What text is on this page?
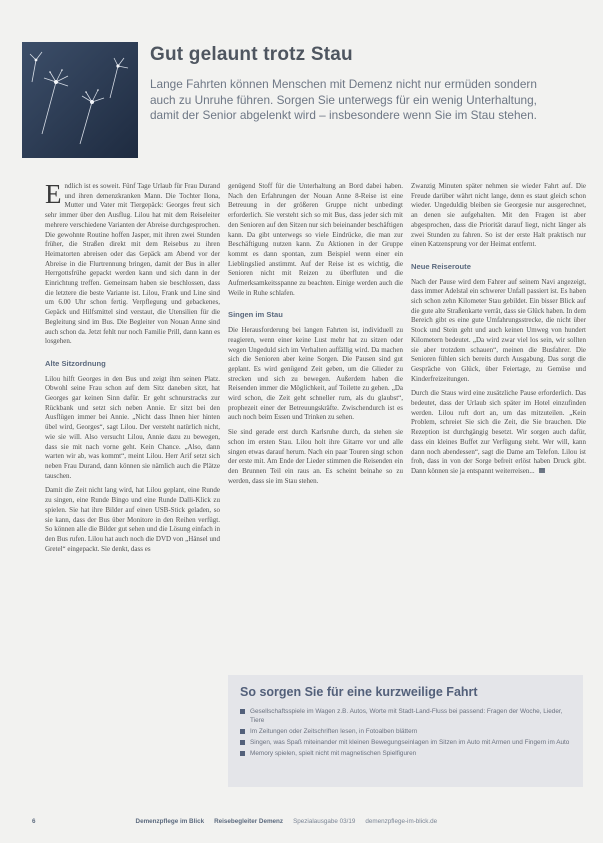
Gut gelaunt trotz Stau

Lange Fahrten können Menschen mit Demenz nicht nur ermüden sondern auch zu Unruhe führen. Sorgen Sie unterwegs für ein wenig Unterhaltung, damit der Senior abgelenkt wird – insbesondere wenn Sie im Stau stehen.

Endlich ist es soweit. Fünf Tage Urlaub für Frau Durand und ihren demenzkranken Mann. Die Tochter Ilona, Mutter und Vater mit Tiergepäck: Georges freut sich sehr immer über den Ausflug. Lilou hat mit dem Reiseleiter mehrere verschiedene Varianten der Abreise durchgesprochen. Die gewohnte Routine hoffen Jasper, mit ihren zwei Stunden früher, die Straßen direkt mit dem Reisebus zu ihren Heimatorten abreisen oder das Gepäck am Abend vor der Abreise in die Flurtrennung bringen, damit der Bus in aller Herrgottsfrühe gepackt werden kann und sich dann in der Einrichtung treffen. Gemeinsam haben sie beschlossen, dass die letztere die beste Variante ist. Lilou, Frank und Line sind um 6.00 Uhr schon fertig. Verpflegung und gebackenes, Gepäck und Hilfsmittel sind verstaut, die Utensilien für die Begleitung sind im Bus. Die Begleiter von Nouan Anne sind auch schon da. Jetzt fehlt nur noch Familie Prill, dann kann es losgehen.

Alte Sitzordnung

Lilou hilft Georges in den Bus und zeigt ihm seinen Platz. Obwohl seine Frau schon auf dem Sitz daneben sitzt, hat Georges gar keinen Sinn dafür. Er geht schnurstracks zur Rückbank und setzt sich neben Annie. Er sitzt bei den Ausflügen immer bei Annie. „Nicht dass Ihnen hier hinten übel wird, Georges“, sagt Lilou. Der versteht natürlich nicht, wie sie will. Also versucht Lilou, Annie dazu zu bewegen, dass sie mit nach vorne geht. Kein Chance. „Also, dann warten wir ab, was kommt“, meint Lilou. Herr Arif setzt sich neben Frau Durand, dann können sie nämlich auch die Plätze tauschen.

Damit die Zeit nicht lang wird, hat Lilou geplant, eine Runde zu singen, eine Runde Bingo und eine Runde Dalli-Klick zu spielen. Sie hat ihre Bilder auf einen USB-Stick geladen, so sie kann, dass der Bus über Monitore in den Reihen verfügt. So können alle die Bilder gut sehen und die Lösung einfach in den Bus rufen. Lilou hat auch noch die DVD von „Hänsel und Gretel“ eingepackt. Sie denkt, dass es

genügend Stoff für die Unterhaltung an Bord dabei haben. Nach den Erfahrungen der Nouan Anne 8-Reise ist eine Betreuung in der größeren Gruppe nicht unbedingt erforderlich. Sie versteht sich so mit Bus, dass jeder sich mit den Senioren auf den Sitzen nur sich beieinander beschäftigen kann. Da gibt unterwegs so viele Eindrücke, die man zur Beschäftigung nutzen kann. Zu Aktionen in der Gruppe kommt es dann spontan, zum Beispiel wenn einer ein Lieblingslied anstimmt. Auf der Reise ist es wichtig, die Senioren nicht mit Reizen zu überfluten und die Aufmerksamkeitsspanne zu beachten. Einige werden auch die Weile in Ruhe schlafen.

Singen im Stau

Die Herausforderung bei langen Fahrten ist, individuell zu reagieren, wenn einer keine Lust mehr hat zu sitzen oder wegen Ungeduld sich im Verhalten auffällig wird. Da machen sich die Senioren aber keine Sorgen. Die Pausen sind gut geplant. Es wird genügend Zeit geben, um die Glieder zu strecken und sich zu bewegen. Außerdem haben die Reisenden immer die Möglichkeit, auf Toilette zu gehen. „Da wird schon, die Zeit geht schneller rum, als du glaubst“, prophezeit einer der Betreuungskräfte. Zwischendurch ist es auch noch beim Essen und Trinken zu sehen.

Sie sind gerade erst durch Karlsruhe durch, da stehen sie schon im ersten Stau. Lilou holt ihre Gitarre vor und alle singen etwas darauf herum. Nach ein paar Touren singt schon der erste mit. Am Ende der Lieder stimmen die Reisenden ein den Brunnen Teil ein raus an. Es scheint beinahe so zu werden, dass sie im Stau stehen.

Zwanzig Minuten später nehmen sie wieder Fahrt auf. Die Freude darüber währt nicht lange, denn es staut gleich schon wieder. Ungeduldig bleiben sie Georgesie nur ausgerechnet, an denen sie aufgehalten. Mit den Fragen ist aber abgesprochen, dass die Priorität darauf liegt, nicht länger als zwei Stunden zu fahren. So ist der erste Halt praktisch nur einen Katzensprung vor der Heimat entfernt.

Neue Reiseroute

Nach der Pause wird dem Fahrer auf seinem Navi angezeigt, dass immer Adelstal ein schwerer Unfall passiert ist. Es haben sich schon zehn Kilometer Stau gebildet. Ein bisser Blick auf die gute alte Straßenkarte verrät, dass sie Glück haben. In dem Bereich gibt es eine gute Umfahrungsstrecke, die nicht über Stock und Stein geht und auch keinen Umweg von hundert Kilometern bedeutet. „Da wird zwar viel los sein, wir sollten sie aber trotzdem schauen“, meinen die Busfahrer. Die Senioren fühlen sich bereits durch Ausgabung. Das sorgt die Gespräche von Glück, über Feiertage, zu Gemüse und Kinderfreizeitungen.

Durch die Staus wird eine zusätzliche Pause erforderlich. Das bedeutet, dass der Urlaub sich später im Hotel einzufinden werden. Lilou ruft dort an, um das mitzuteilen. „Kein Problem, schreiet Sie sich die Zeit, die Sie brauchen. Die Rezeption ist durchgängig besetzt. Wir sorgen auch dafür, dass ein kleines Buffet zur Verfügung steht. Wer will, kann dann noch abendessen“, sagt die Dame am Telefon. Lilou ist froh, dass in von der Sorge befreit erlöst haben Druck gibt. Dann können sie ja entspannt weiterreisen...

So sorgen Sie für eine kurzweilige Fahrt
Gesellschaftsspiele im Wagen z.B. Autos, Worte mit Stadt-Land-Fluss bei passend: Fragen der Woche, Lieder, Tiere
Im Zeitungen oder Zeitschriften lesen, in Fotoalben blättern
Singen, was Spaß miteinander mit kleinen Bewegungseinlagen im Sitzen im Auto mit Armen und Fingern im Auto
Memory spielen, spielt nicht mit magnetischen Spielfiguren
6	Demenzpflege im Blick Reisebegleiter Demenz Spezialausgabe 03/19 demenzpflege-im-blick.de
